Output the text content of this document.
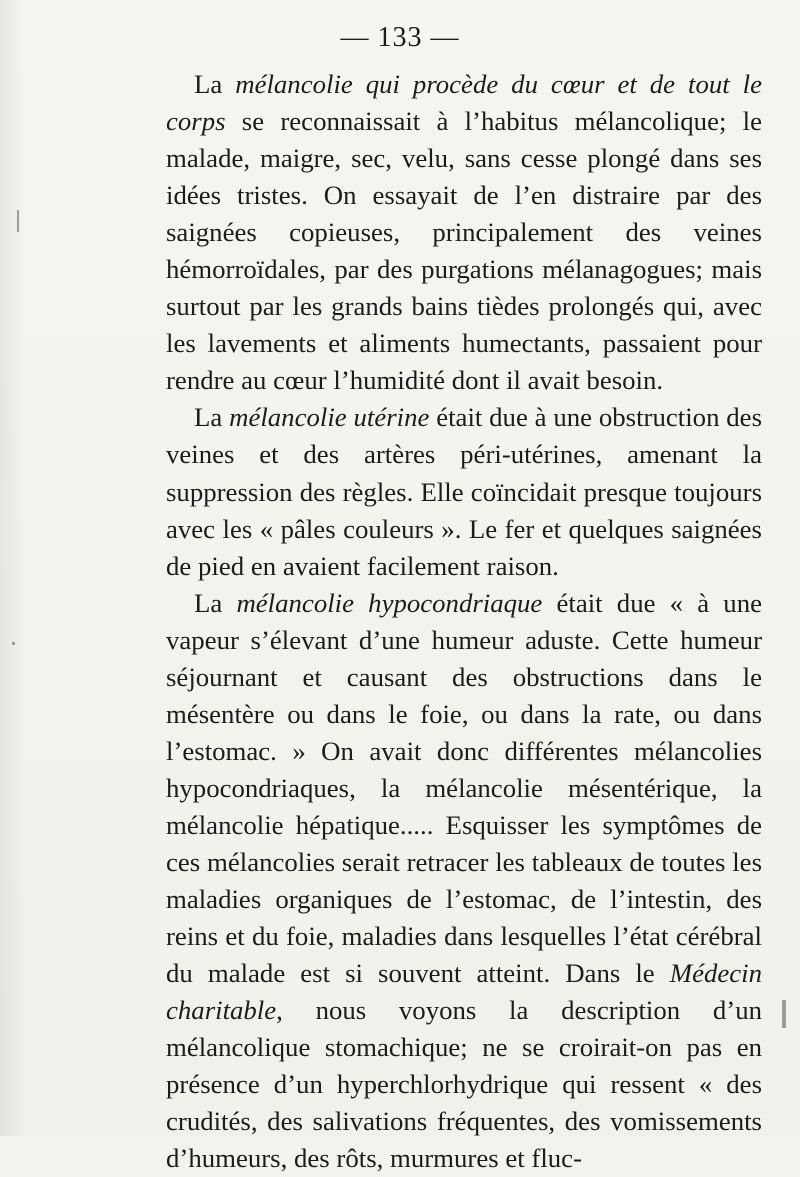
— 133 —

La mélancolie qui procède du cœur et de tout le corps se reconnaissait à l’habitus mélancolique; le malade, maigre, sec, velu, sans cesse plongé dans ses idées tristes. On essayait de l’en distraire par des saignées copieuses, principalement des veines hémorroïdales, par des purgations mélanagogues; mais surtout par les grands bains tièdes prolongés qui, avec les lavements et aliments humectants, passaient pour rendre au cœur l’humidité dont il avait besoin.

La mélancolie utérine était due à une obstruction des veines et des artères péri-utérines, amenant la suppression des règles. Elle coïncidait presque toujours avec les « pâles couleurs ». Le fer et quelques saignées de pied en avaient facilement raison.

La mélancolie hypocondriaque était due « à une vapeur s’élevant d’une humeur aduste. Cette humeur séjournant et causant des obstructions dans le mésentère ou dans le foie, ou dans la rate, ou dans l’estomac. » On avait donc différentes mélancolies hypocondriaques, la mélancolie mésentérique, la mélancolie hépatique..... Esquisser les symptômes de ces mélancolies serait retracer les tableaux de toutes les maladies organiques de l’estomac, de l’intestin, des reins et du foie, maladies dans lesquelles l’état cérébral du malade est si souvent atteint. Dans le Médecin charitable, nous voyons la description d’un mélancolique stomachique; ne se croirait-on pas en présence d’un hyperchlorhydrique qui ressent « des crudités, des salivations fréquentes, des vomissements d’humeurs, des rôts, murmures et fluc-
